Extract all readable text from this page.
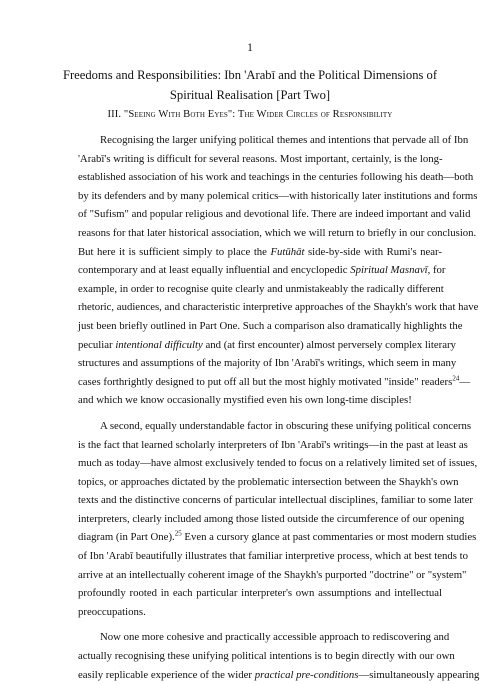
1
Freedoms and Responsibilities: Ibn 'Arabī and the Political Dimensions of
Spiritual Realisation [Part Two]
III. "Seeing With Both Eyes": The Wider Circles of Responsibility
Recognising the larger unifying political themes and intentions that pervade all of Ibn
'Arabī's writing is difficult for several reasons. Most important, certainly, is the long-
established association of his work and teachings in the centuries following his death—both
by its defenders and by many polemical critics—with historically later institutions and forms
of "Sufism" and popular religious and devotional life. There are indeed important and valid
reasons for that later historical association, which we will return to briefly in our conclusion.
But here it is sufficient simply to place the Futūhāt side-by-side with Rumi's near-
contemporary and at least equally influential and encyclopedic Spiritual Masnavī, for
example, in order to recognise quite clearly and unmistakeably the radically different
rhetoric, audiences, and characteristic interpretive approaches of the Shaykh's work that have
just been briefly outlined in Part One. Such a comparison also dramatically highlights the
peculiar intentional difficulty and (at first encounter) almost perversely complex literary
structures and assumptions of the majority of Ibn 'Arabī's writings, which seem in many
cases forthrightly designed to put off all but the most highly motivated "inside" readers$^{24}$—
and which we know occasionally mystified even his own long-time disciples!
A second, equally understandable factor in obscuring these unifying political concerns
is the fact that learned scholarly interpreters of Ibn 'Arabī's writings—in the past at least as
much as today—have almost exclusively tended to focus on a relatively limited set of issues,
topics, or approaches dictated by the problematic intersection between the Shaykh's own
texts and the distinctive concerns of particular intellectual disciplines, familiar to some later
interpreters, clearly included among those listed outside the circumference of our opening
diagram (in Part One).$^{25}$ Even a cursory glance at past commentaries or most modern studies
of Ibn 'Arabī beautifully illustrates that familiar interpretive process, which at best tends to
arrive at an intellectually coherent image of the Shaykh's purported "doctrine" or "system"
profoundly rooted in each particular interpreter's own assumptions and intellectual
preoccupations.
Now one more cohesive and practically accessible approach to rediscovering and
actually recognising these unifying political intentions is to begin directly with our own
easily replicable experience of the wider practical pre-conditions—simultaneously appearing
